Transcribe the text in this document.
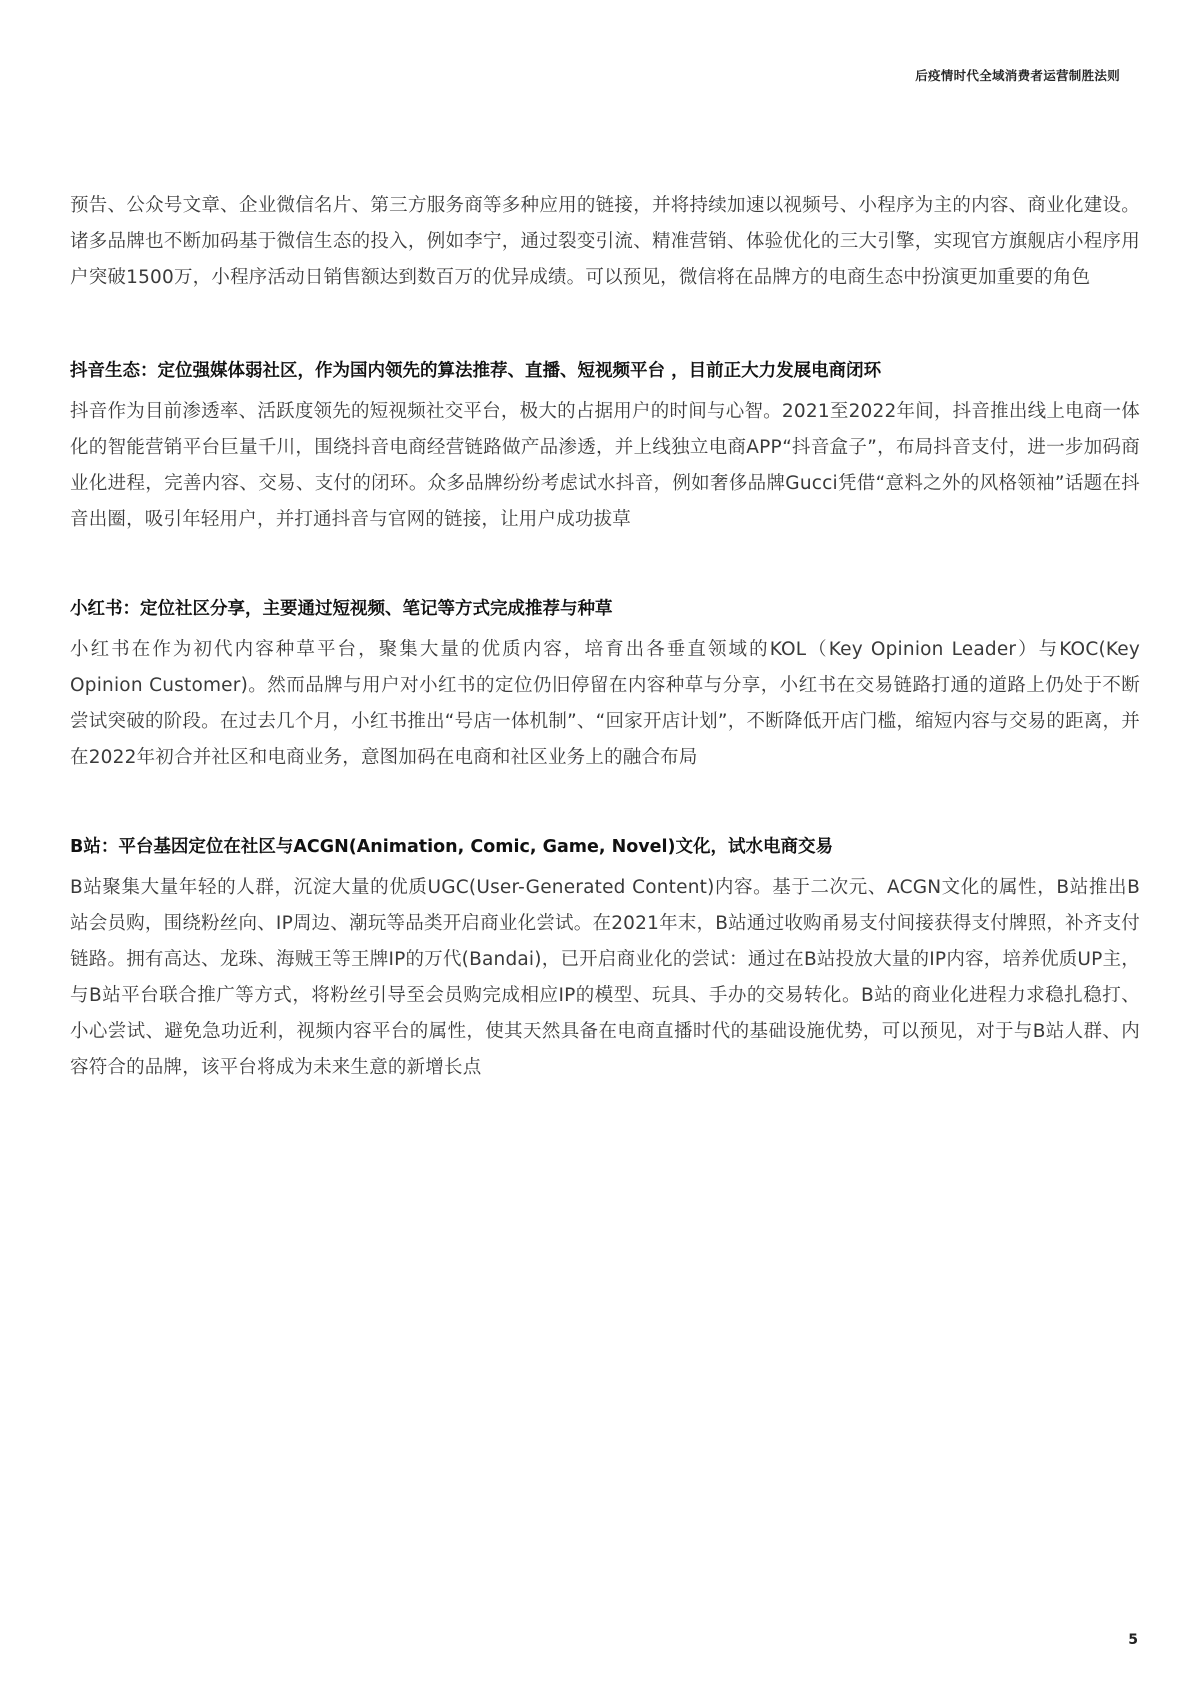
后疫情时代全域消费者运营制胜法则

预告、公众号文章、企业微信名片、第三方服务商等多种应用的链接，并将持续加速以视频号、小程序为主的内容、商业化建设。诸多品牌也不断加码基于微信生态的投入，例如李宁，通过裂变引流、精准营销、体验优化的三大引擎，实现官方旗舰店小程序用户突破1500万，小程序活动日销售额达到数百万的优异成绩。可以预见，微信将在品牌方的电商生态中扮演更加重要的角色

抖音生态：定位强媒体弱社区，作为国内领先的算法推荐、直播、短视频平台 ，目前正大力发展电商闭环

抖音作为目前渗透率、活跃度领先的短视频社交平台，极大的占据用户的时间与心智。2021至2022年间，抖音推出线上电商一体化的智能营销平台巨量千川，围绕抖音电商经营链路做产品渗透，并上线独立电商APP“抖音盒子”，布局抖音支付，进一步加码商业化进程，完善内容、交易、支付的闭环。众多品牌纷纷考虑试水抖音，例如奢侈品牌Gucci凭借“意料之外的风格领袖”话题在抖音出圈，吸引年轻用户，并打通抖音与官网的链接，让用户成功拔草

小红书：定位社区分享，主要通过短视频、笔记等方式完成推荐与种草

小红书在作为初代内容种草平台，聚集大量的优质内容，培育出各垂直领域的KOL（Key Opinion Leader）与KOC(Key Opinion Customer)。然而品牌与用户对小红书的定位仍旧停留在内容种草与分享，小红书在交易链路打通的道路上仍处于不断尝试突破的阶段。在过去几个月，小红书推出“号店一体机制”、“回家开店计划”，不断降低开店门槛，缩短内容与交易的距离，并在2022年初合并社区和电商业务，意图加码在电商和社区业务上的融合布局

B站：平台基因定位在社区与ACGN(Animation, Comic, Game, Novel)文化，试水电商交易

B站聚集大量年轻的人群，沉淀大量的优质UGC(User-Generated Content)内容。基于二次元、ACGN文化的属性，B站推出B站会员购，围绕粉丝向、IP周边、潮玩等品类开启商业化尝试。在2021年末，B站通过收购甬易支付间接获得支付牌照，补齐支付链路。拥有高达、龙珠、海贼王等王牌IP的万代(Bandai)，已开启商业化的尝试：通过在B站投放大量的IP内容，培养优质UP主，与B站平台联合推广等方式，将粉丝引导至会员购完成相应IP的模型、玩具、手办的交易转化。B站的商业化进程力求稳扎稳打、小心尝试、避免急功近利，视频内容平台的属性，使其天然具备在电商直播时代的基础设施优势，可以预见，对于与B站人群、内容符合的品牌，该平台将成为未来生意的新增长点

5
